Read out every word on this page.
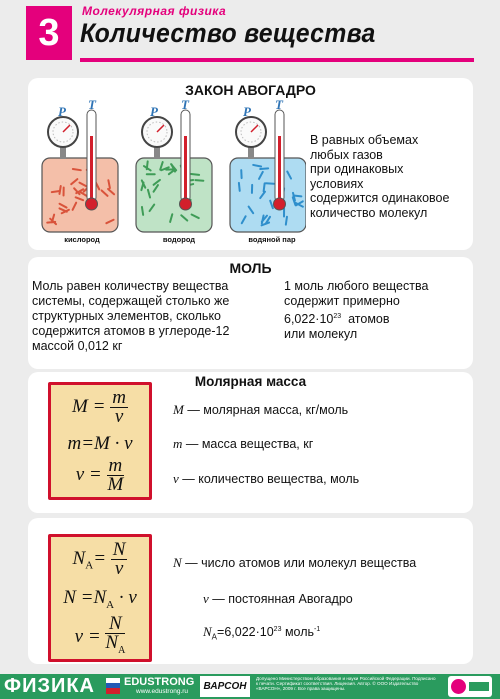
3
Молекулярная физика
Количество вещества
ЗАКОН АВОГАДРО
кислород	водород	водяной пар
P T	P T	P T
В равных объемах
любых газов
при одинаковых
условиях
содержится одинаковое
количество молекул
МОЛЬ
Моль равен количеству вещества
системы, содержащей столько же
структурных элементов, сколько
содержится атомов в углероде-12
массой 0,012 кг
1 моль любого вещества
содержит примерно
$6,022\cdot 10^{23}$ атомов
или молекул
Молярная масса
$M = \frac{m}{\nu}$
m=M · ν
$\nu = \frac{m}{M}$
M — молярная масса, кг/моль
m — масса вещества, кг
ν — количество вещества, моль
$N_A= \frac{N}{\nu}$
$N =N_A \cdot \nu$
$\nu = \frac{N}{N_A}$
N — число атомов или молекул вещества
ν — постоянная Авогадро
$N_A=6,022\cdot 10^{23}$ моль$^{-1}$
ФИЗИКА	EDUSTRONG
www.edustrong.ru	ВАРСОН
Допущено Министерством образования и науки Российской Федерации. Подписано к печати. Сертификат соответствия. Лицензия. Автор. © ООО Издательство «ВАРСОН», 2009 г. Все права защищены.
